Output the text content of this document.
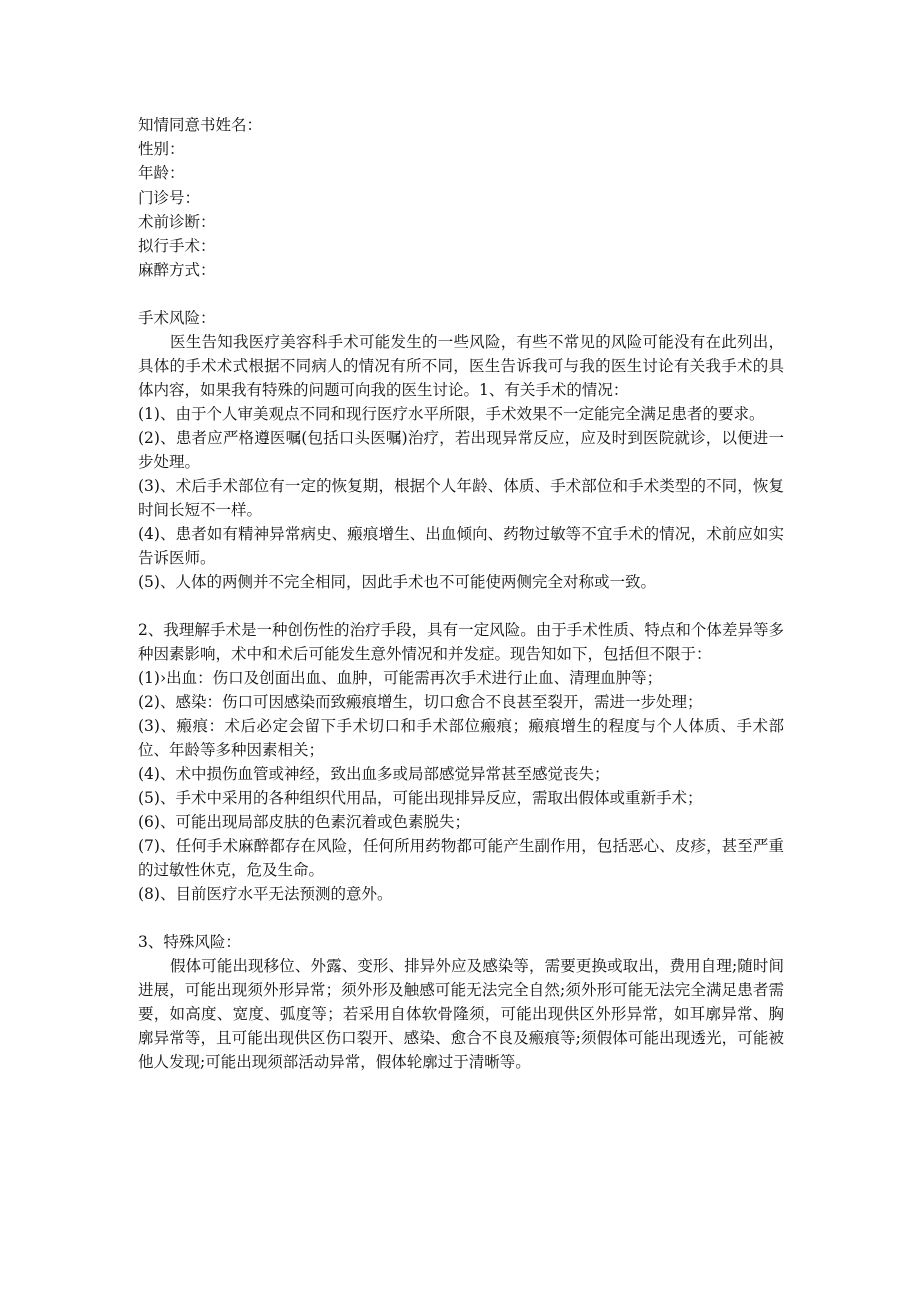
知情同意书姓名：
性别：
年龄：
门诊号：
术前诊断：
拟行手术：
麻醉方式：
手术风险：

医生告知我医疗美容科手术可能发生的一些风险，有些不常见的风险可能没有在此列出，具体的手术术式根据不同病人的情况有所不同，医生告诉我可与我的医生讨论有关我手术的具体内容，如果我有特殊的问题可向我的医生讨论。1、有关手术的情况：

(1)、由于个人审美观点不同和现行医疗水平所限，手术效果不一定能完全满足患者的要求。

(2)、患者应严格遵医嘱(包括口头医嘱)治疗，若出现异常反应，应及时到医院就诊，以便进一步处理。

(3)、术后手术部位有一定的恢复期，根据个人年龄、体质、手术部位和手术类型的不同，恢复时间长短不一样。

(4)、患者如有精神异常病史、瘢痕增生、出血倾向、药物过敏等不宜手术的情况，术前应如实告诉医师。

(5)、人体的两侧并不完全相同，因此手术也不可能使两侧完全对称或一致。

2、我理解手术是一种创伤性的治疗手段，具有一定风险。由于手术性质、特点和个体差异等多种因素影响，术中和术后可能发生意外情况和并发症。现告知如下，包括但不限于：

(1)›出血：伤口及创面出血、血肿，可能需再次手术进行止血、清理血肿等；

(2)、感染：伤口可因感染而致瘢痕增生，切口愈合不良甚至裂开，需进一步处理；

(3)、瘢痕：术后必定会留下手术切口和手术部位瘢痕；瘢痕增生的程度与个人体质、手术部位、年龄等多种因素相关；

(4)、术中损伤血管或神经，致出血多或局部感觉异常甚至感觉丧失；

(5)、手术中采用的各种组织代用品，可能出现排异反应，需取出假体或重新手术；

(6)、可能出现局部皮肤的色素沉着或色素脱失；

(7)、任何手术麻醉都存在风险，任何所用药物都可能产生副作用，包括恶心、皮疹，甚至严重的过敏性休克，危及生命。

(8)、目前医疗水平无法预测的意外。

3、特殊风险：

假体可能出现移位、外露、变形、排异外应及感染等，需要更换或取出，费用自理;随时间进展，可能出现须外形异常；须外形及触感可能无法完全自然;须外形可能无法完全满足患者需要，如高度、宽度、弧度等；若采用自体软骨隆须，可能出现供区外形异常，如耳廓异常、胸廓异常等，且可能出现供区伤口裂开、感染、愈合不良及瘢痕等;须假体可能出现透光，可能被他人发现;可能出现须部活动异常，假体轮廓过于清晰等。
